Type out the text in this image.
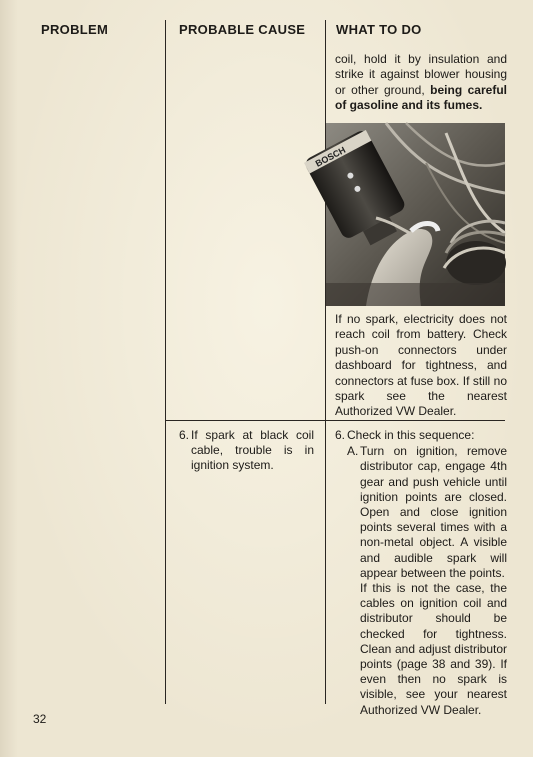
PROBLEM	PROBABLE CAUSE WHAT TO DO
coil, hold it by insulation and strike it against blower housing or other ground, being careful of gasoline and its fumes.
BOSCH
If no spark, electricity does not reach coil from battery. Check push-on connectors under dashboard for tightness, and connectors at fuse box. If still no spark see the nearest Authorized VW Dealer.
6. If spark at black coil cable, trouble is in ignition system.
6. Check in this sequence:
A. Turn on ignition, remove distributor cap, engage 4th gear and push vehicle until ignition points are closed. Open and close ignition points several times with a non-metal object. A visible and audible spark will appear between the points.
If this is not the case, the cables on ignition coil and distributor should be checked for tightness. Clean and adjust distributor points (page 38 and 39). If even then no spark is visible, see your nearest Authorized VW Dealer.
32
